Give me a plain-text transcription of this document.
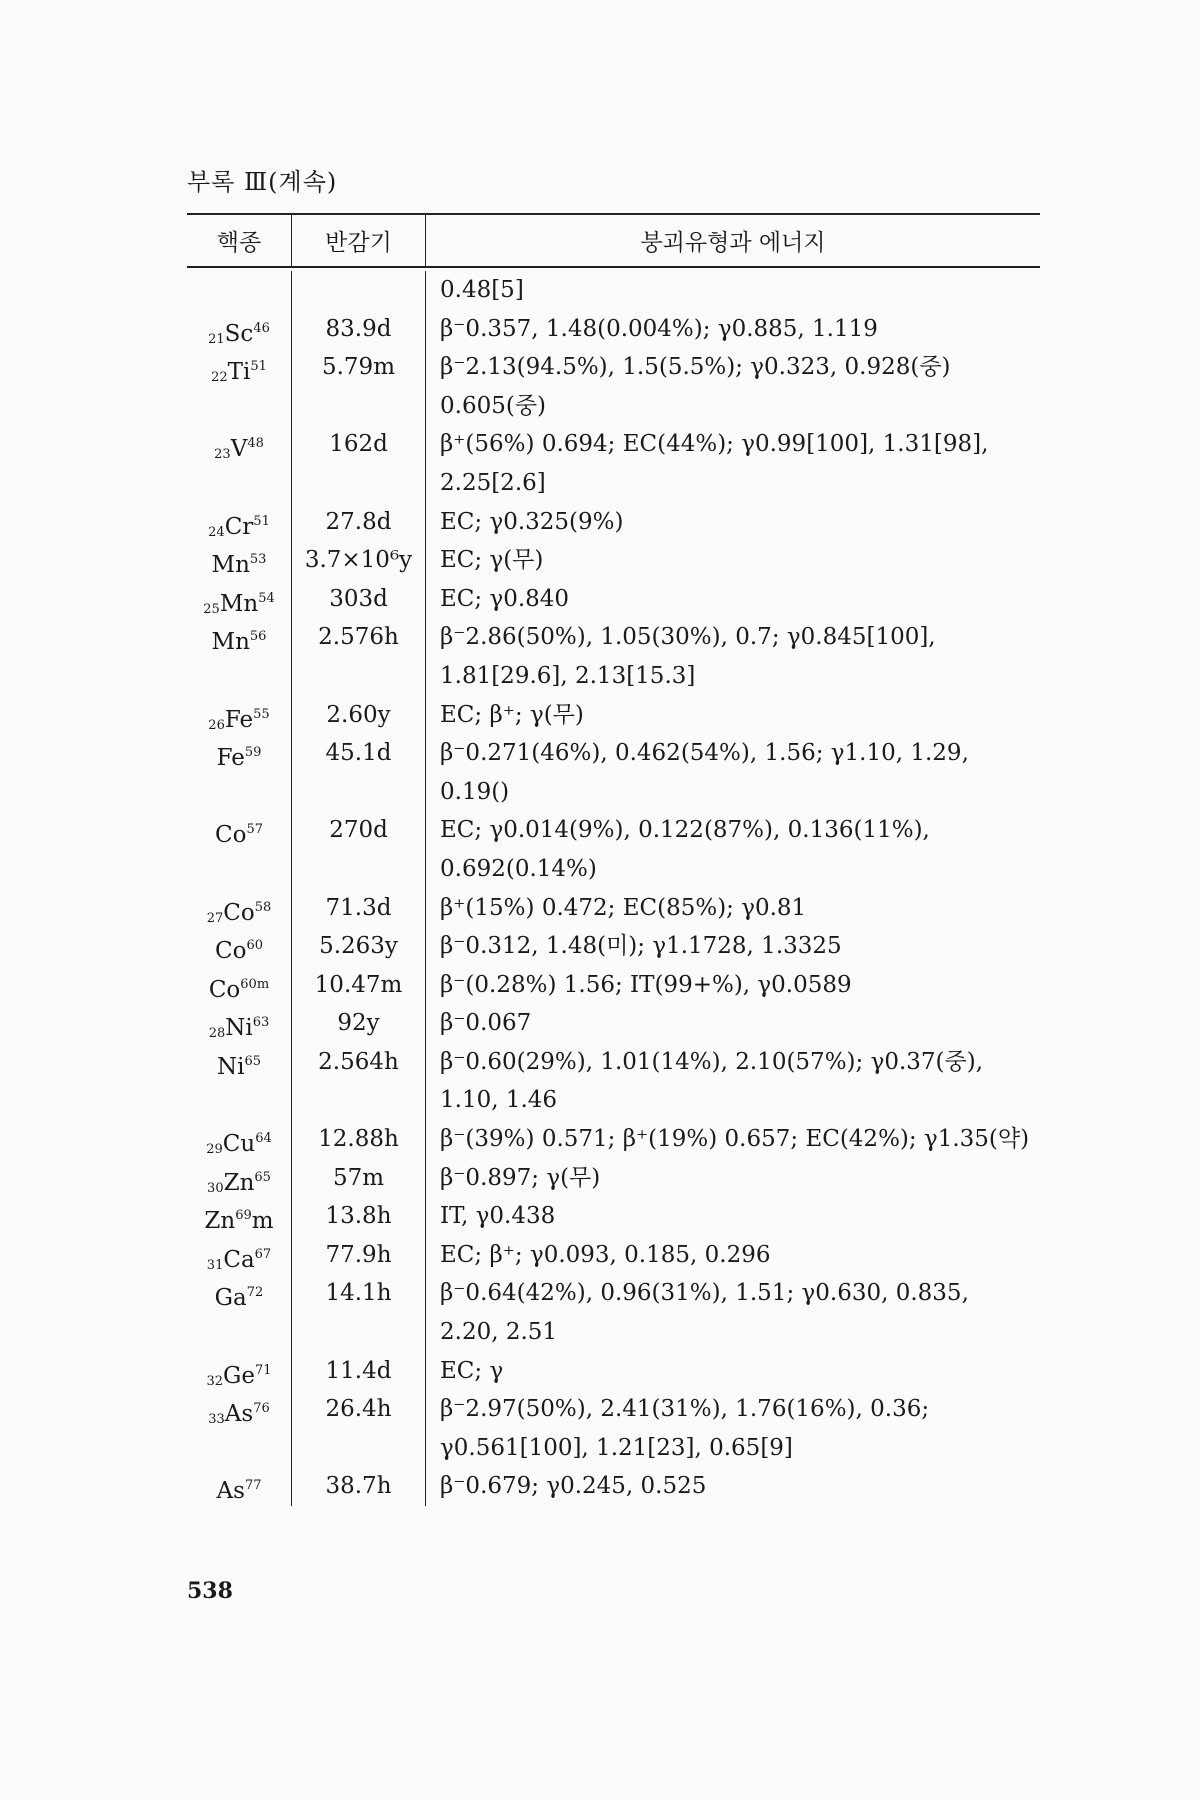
부록 Ⅲ(계속)
핵종	반감기	붕괴유형과 에너지
0.48[5]
$_{21}Sc^{46}$	83.9d	β⁻0.357, 1.48(0.004%); γ0.885, 1.119
$_{22}Ti^{51}$	5.79m	β⁻2.13(94.5%), 1.5(5.5%); γ0.323, 0.928(중)
0.605(중)
$_{23}V^{48}$	162d	β⁺(56%) 0.694; EC(44%); γ0.99[100], 1.31[98],
2.25[2.6]
$_{24}Cr^{51}$	27.8d	EC; γ0.325(9%)
Mn$^{53}$	3.7×10⁶y	EC; γ(무)
$_{25}Mn^{54}$	303d	EC; γ0.840
Mn$^{56}$	2.576h	β⁻2.86(50%), 1.05(30%), 0.7; γ0.845[100],
1.81[29.6], 2.13[15.3]
$_{26}Fe^{55}$	2.60y	EC; β⁺; γ(무)
Fe$^{59}$	45.1d	β⁻0.271(46%), 0.462(54%), 1.56; γ1.10, 1.29,
0.19()
Co$^{57}$	270d	EC; γ0.014(9%), 0.122(87%), 0.136(11%),
0.692(0.14%)
$_{27}Co^{58}$	71.3d	β⁺(15%) 0.472; EC(85%); γ0.81
Co$^{60}$	5.263y	β⁻0.312, 1.48(미); γ1.1728, 1.3325
$Co^{60m}$	10.47m	β⁻(0.28%) 1.56; IT(99+%), γ0.0589
$_{28}Ni^{63}$	92y	β⁻0.067
Ni$^{65}$	2.564h	β⁻0.60(29%), 1.01(14%), 2.10(57%); γ0.37(중),
1.10, 1.46
$_{29}Cu^{64}$	12.88h	β⁻(39%) 0.571; β⁺(19%) 0.657; EC(42%); γ1.35(약)
$_{30}Zn^{65}$	57m	β⁻0.897; γ(무)
Zn$^{69}$m	13.8h	IT, γ0.438
$_{31}Ca^{67}$	77.9h	EC; β⁺; γ0.093, 0.185, 0.296
Ga$^{72}$	14.1h	β⁻0.64(42%), 0.96(31%), 1.51; γ0.630, 0.835,
2.20, 2.51
$_{32}Ge^{71}$	11.4d	EC; γ
$_{33}As^{76}$	26.4h	β⁻2.97(50%), 2.41(31%), 1.76(16%), 0.36;
γ0.561[100], 1.21[23], 0.65[9]
As$^{77}$	38.7h	β⁻0.679; γ0.245, 0.525
538
